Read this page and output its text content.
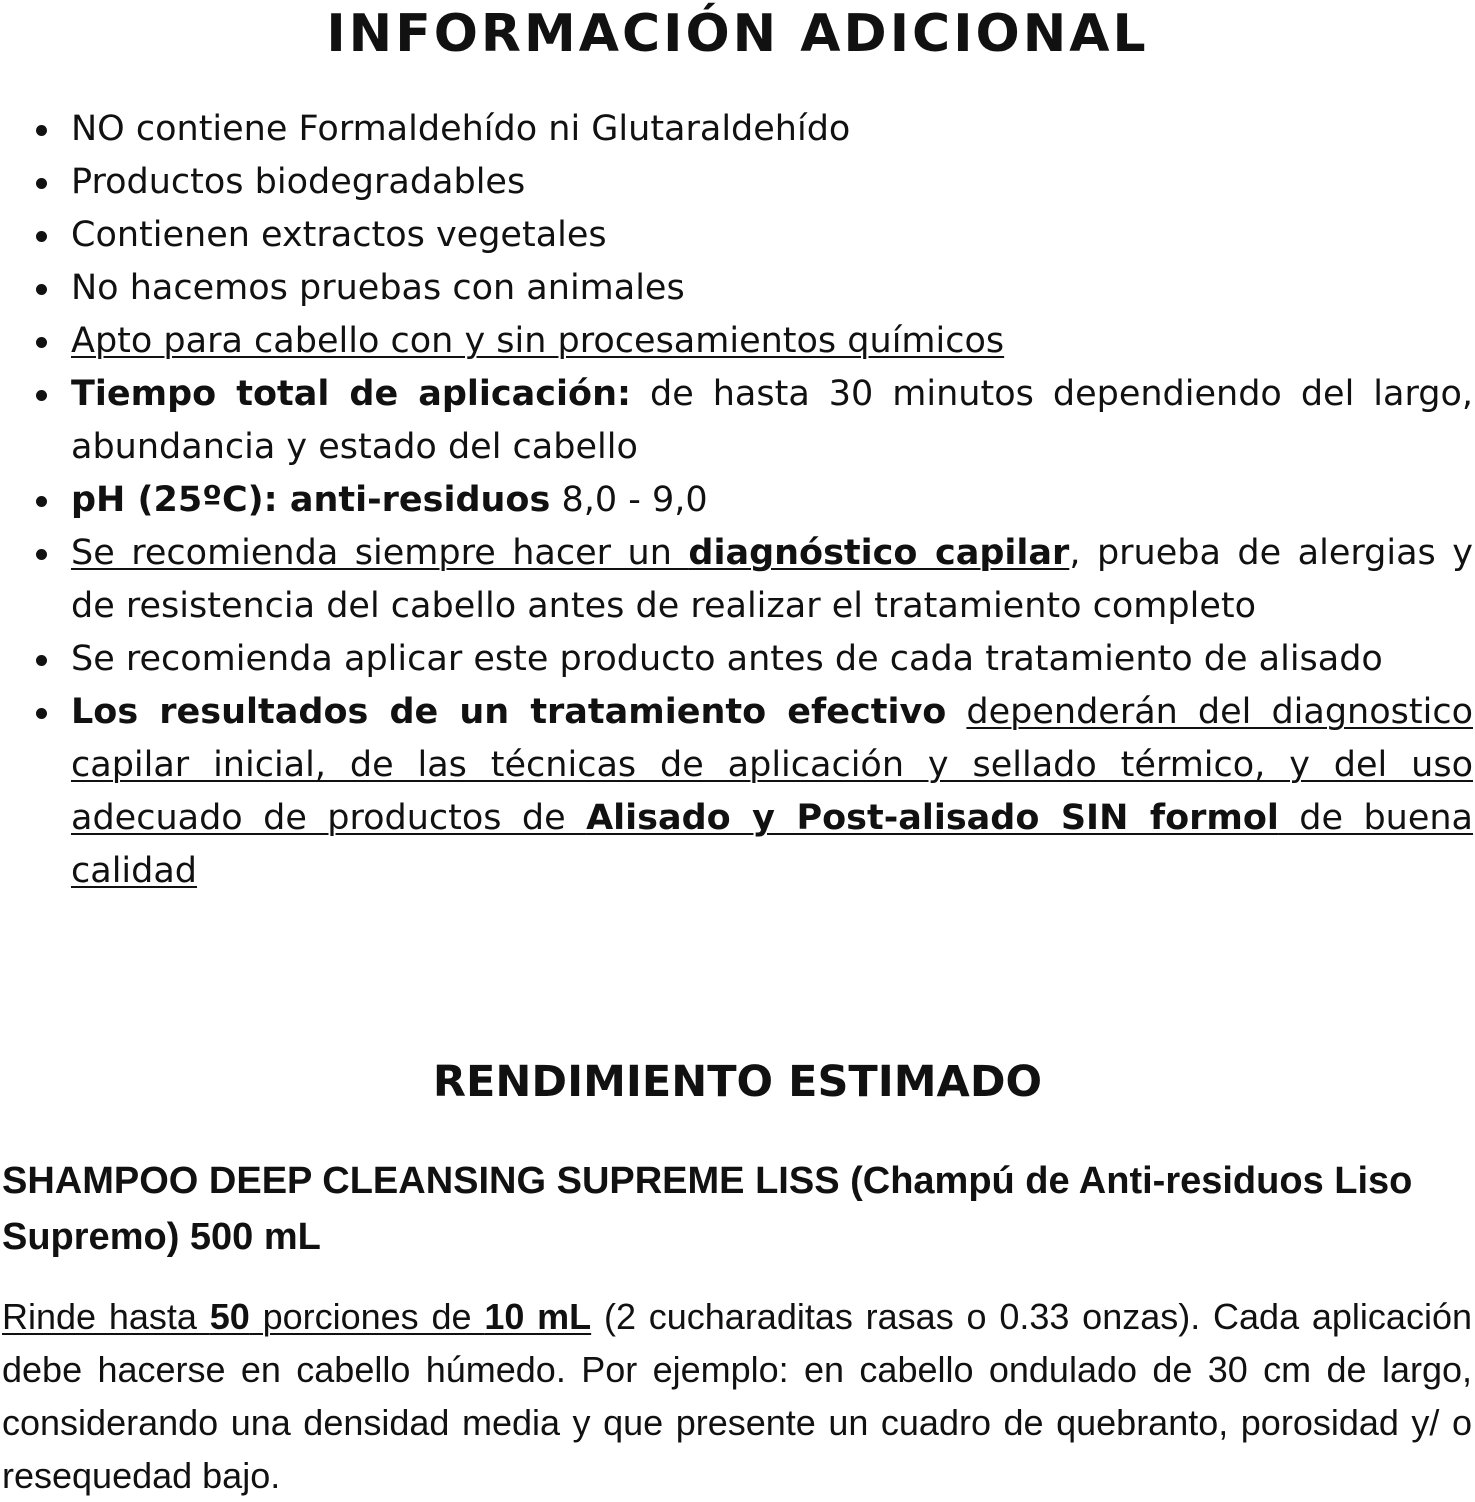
INFORMACIÓN ADICIONAL
NO contiene Formaldehído ni Glutaraldehído
Productos biodegradables
Contienen extractos vegetales
No hacemos pruebas con animales
Apto para cabello con y sin procesamientos químicos
Tiempo total de aplicación: de hasta 30 minutos dependiendo del largo, abundancia y estado del cabello
pH (25ºC): anti-residuos 8,0 - 9,0
Se recomienda siempre hacer un diagnóstico capilar, prueba de alergias y de resistencia del cabello antes de realizar el tratamiento completo
Se recomienda aplicar este producto antes de cada tratamiento de alisado
Los resultados de un tratamiento efectivo dependerán del diagnostico capilar inicial, de las técnicas de aplicación y sellado térmico, y del uso adecuado de productos de Alisado y Post-alisado SIN formol de buena calidad
RENDIMIENTO ESTIMADO

SHAMPOO DEEP CLEANSING SUPREME LISS (Champú de Anti-residuos Liso Supremo) 500 mL

Rinde hasta 50 porciones de 10 mL (2 cucharaditas rasas o 0.33 onzas). Cada aplicación debe hacerse en cabello húmedo. Por ejemplo: en cabello ondulado de 30 cm de largo, considerando una densidad media y que presente un cuadro de quebranto, porosidad y/ o resequedad bajo.
